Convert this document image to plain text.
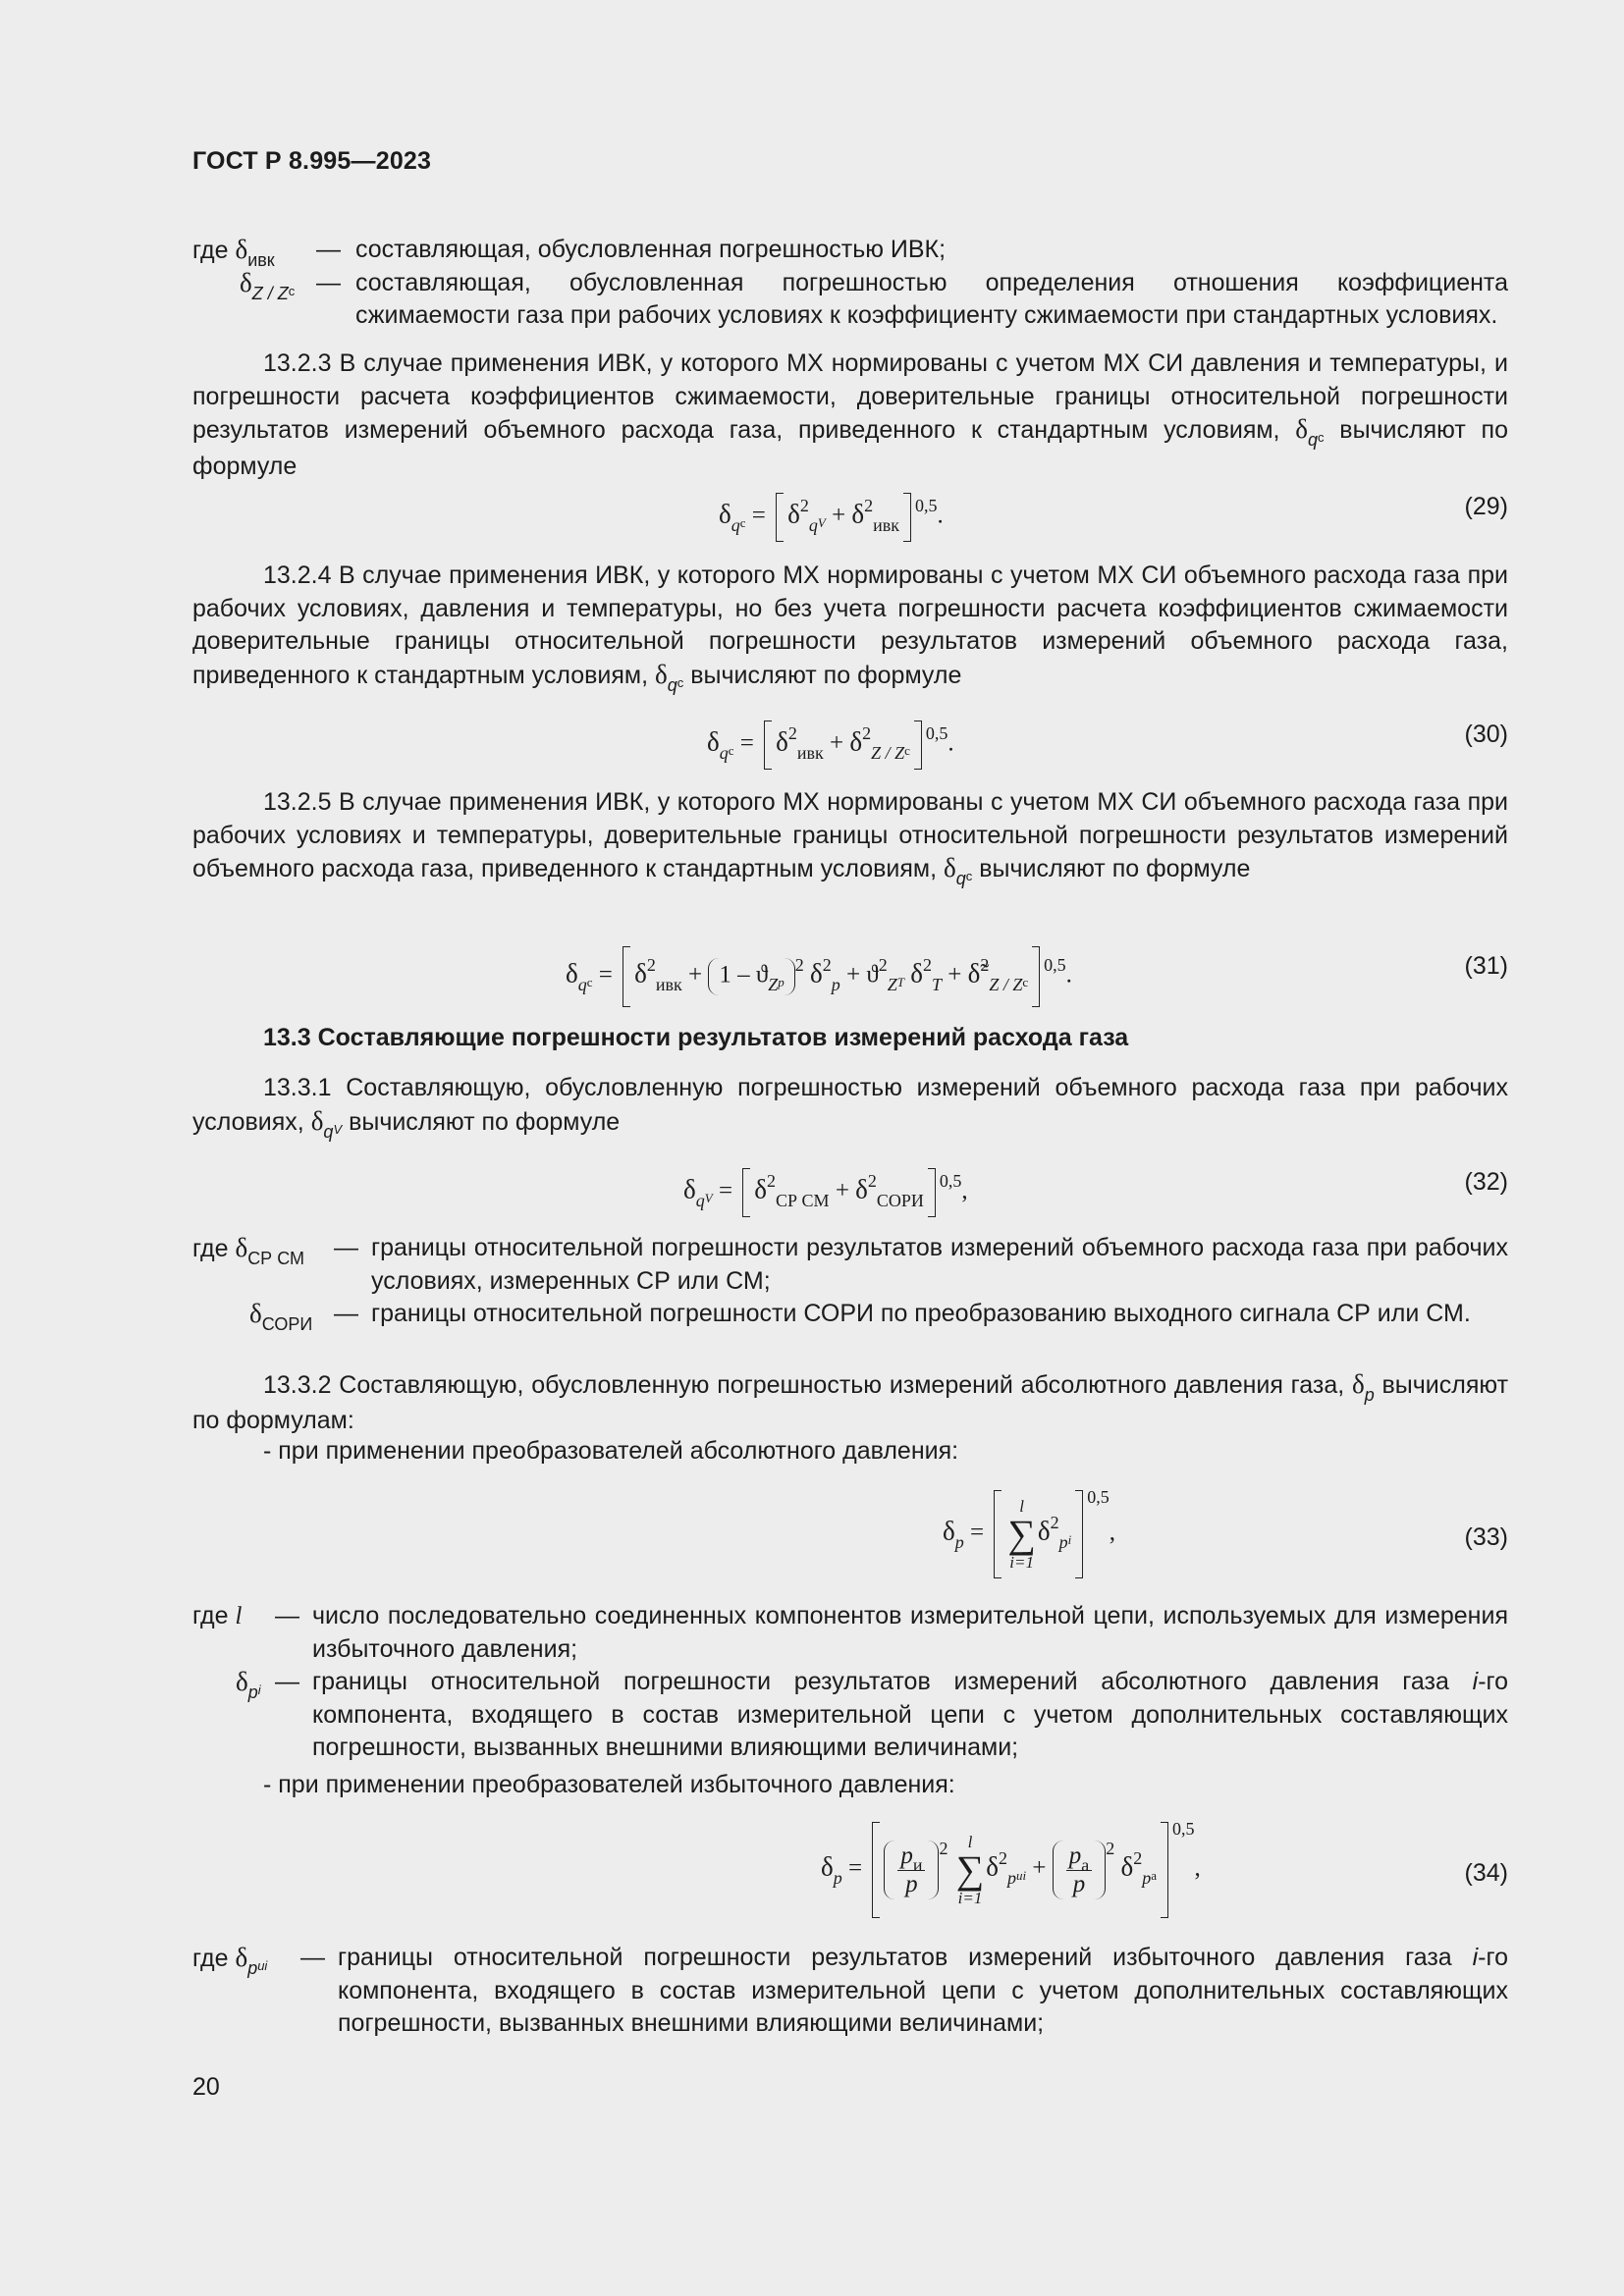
ГОСТ Р 8.995—2023
где $\delta_{ивк}$ — составляющая, обусловленная погрешностью ИВК;
$\delta_{Z / Z}с$ — составляющая, обусловленная погрешностью определения отношения коэффициента сжимаемости газа при рабочих условиях к коэффициенту сжимаемости при стандартных условиях.

13.2.3 В случае применения ИВК, у которого МХ нормированы с учетом МХ СИ давления и температуры, и погрешности расчета коэффициентов сжимаемости, доверительные границы относительной погрешности результатов измерений объемного расхода газа, приведенного к стандартным условиям, $\delta_qс$ вычисляют по формуле

$\delta_qс = \delta^2_qV + \delta^2_{ивк}^{0,5}$.	(29)

13.2.4 В случае применения ИВК, у которого МХ нормированы с учетом МХ СИ объемного расхода газа при рабочих условиях, давления и температуры, но без учета погрешности расчета коэффициентов сжимаемости доверительные границы относительной погрешности результатов измерений объемного расхода газа, приведенного к стандартным условиям, $\delta_qс$ вычисляют по формуле

$\delta_qс = \delta^2_{ивк} + \delta^2_{Z / Z}с^{0,5}$.	(30)

13.2.5 В случае применения ИВК, у которого МХ нормированы с учетом МХ СИ объемного расхода газа при рабочих условиях и температуры, доверительные границы относительной погрешности результатов измерений объемного расхода газа, приведенного к стандартным условиям, $\delta_qс$ вычисляют по формуле

$\delta_qс = \delta^2_{ивк} + 1 - ϑ_Zp^2$ $\delta^2_p + ϑ^2_ZT$ $\delta^2_T$ + $\deltã^2_{Z / Z}с^{0,5}$.	(31)

13.3 Составляющие погрешности результатов измерений расхода газа

13.3.1 Составляющую, обусловленную погрешностью измерений объемного расхода газа при рабочих условиях, $\delta_qV$ вычисляют по формуле

$\delta_qV = \delta^2_{СР СМ} + \delta^2_{СОРИ}^{0,5}$,	(32)
где $\delta_{СР СМ}$ — границы относительной погрешности результатов измерений объемного расхода газа при рабочих условиях, измеренных СР или СМ;
$\delta_{СОРИ}$ — границы относительной погрешности СОРИ по преобразованию выходного сигнала СР или СМ.

13.3.2 Составляющую, обусловленную погрешностью измерений абсолютного давления газа, $\delta_p$ вычисляют по формулам:

- при применении преобразователей абсолютного давления:

$\delta_p$ =
l
∑
i=1
$\delta^2_pi^{0,5}$,	(33)
где l — число последовательно соединенных компонентов измерительной цепи, используемых для измерения избыточного давления;
$\delta_pi$ — границы относительной погрешности результатов измерений абсолютного давления газа i-го компонента, входящего в состав измерительной цепи с учетом дополнительных составляющих погрешности, вызванных внешними влияющими величинами;

- при применении преобразователей избыточного давления:

$\delta_p = \frac{p_и}{p} ^2$	l
∑
i=1
$\delta^2_pиi + \frac{p_а}{p} ^2$ $\delta^2_pа^{0,5}$,	(34)
где $\delta_pиi$ — границы относительной погрешности результатов измерений избыточного давления газа i-го компонента, входящего в состав измерительной цепи с учетом дополнительных составляющих погрешности, вызванных внешними влияющими величинами;
20
